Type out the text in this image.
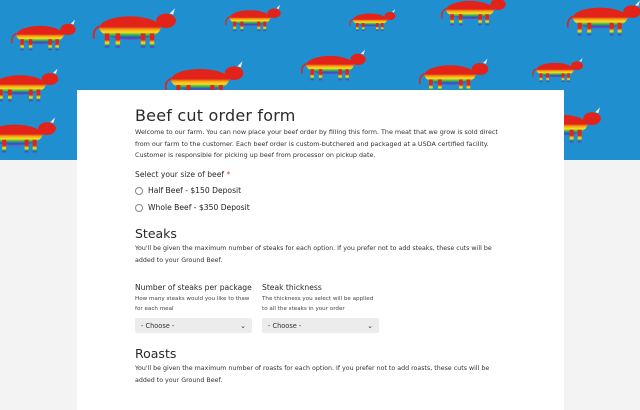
Beef cut order form

Welcome to our farm. You can now place your beef order by filling this form. The meat that we grow is sold direct from our farm to the customer. Each beef order is custom-butchered and packaged at a USDA certified facility. Customer is responsible for picking up beef from processor on pickup date.

Select your size of beef *
Half Beef - $150 Deposit
Whole Beef - $350 Deposit
Steaks

You'll be given the maximum number of steaks for each option. If you prefer not to add steaks, these cuts will be added to your Ground Beef.

Number of steaks per package
How many steaks would you like to thaw for each meal
- Choose -	⌄
Steak thickness
The thickness you select will be applied to all the steaks in your order
- Choose -	⌄
Roasts

You'll be given the maximum number of roasts for each option. If you prefer not to add roasts, these cuts will be added to your Ground Beef.
